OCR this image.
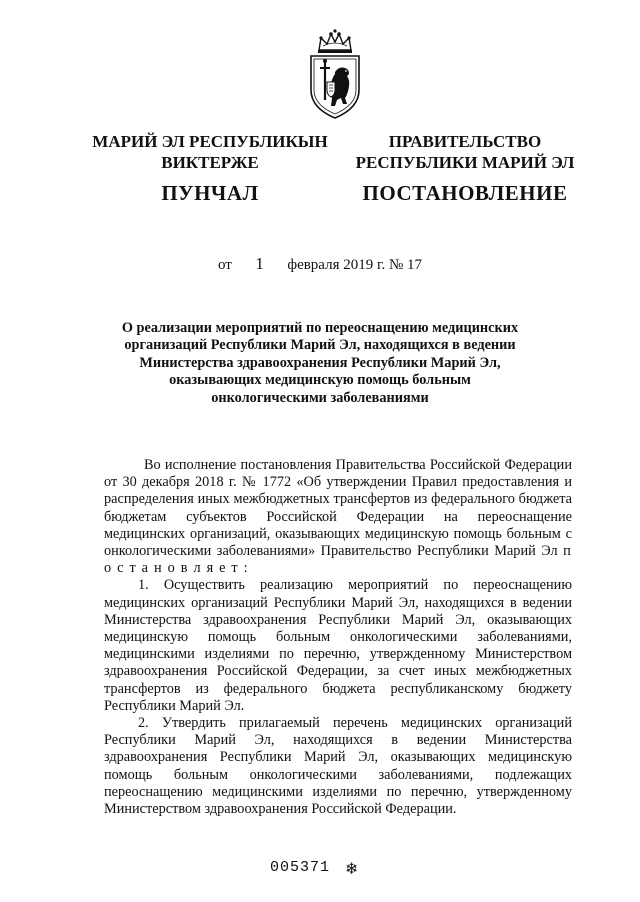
МАРИЙ ЭЛ РЕСПУБЛИКЫН
ВИКТЕРЖЕ
ПУНЧАЛ
ПРАВИТЕЛЬСТВО
РЕСПУБЛИКИ МАРИЙ ЭЛ
ПОСТАНОВЛЕНИЕ
от 1 февраля 2019 г. № 17
О реализации мероприятий по переоснащению медицинских
организаций Республики Марий Эл, находящихся в ведении
Министерства здравоохранения Республики Марий Эл,
оказывающих медицинскую помощь больным
онкологическими заболеваниями

Во исполнение постановления Правительства Российской Федерации от 30 декабря 2018 г. № 1772 «Об утверждении Правил предоставления и распределения иных межбюджетных трансфертов из федерального бюджета бюджетам субъектов Российской Федерации на переоснащение медицинских организаций, оказывающих медицинскую помощь больным с онкологическими заболеваниями» Правительство Республики Марий Эл п о с т а н о в л я е т :

1. Осуществить реализацию мероприятий по переоснащению медицинских организаций Республики Марий Эл, находящихся в ведении Министерства здравоохранения Республики Марий Эл, оказывающих медицинскую помощь больным онкологическими заболеваниями, медицинскими изделиями по перечню, утвержденному Министерством здравоохранения Российской Федерации, за счет иных межбюджетных трансфертов из федерального бюджета республиканскому бюджету Республики Марий Эл.

2. Утвердить прилагаемый перечень медицинских организаций Республики Марий Эл, находящихся в ведении Министерства здравоохранения Республики Марий Эл, оказывающих медицинскую помощь больным онкологическими заболеваниями, подлежащих переоснащению медицинскими изделиями по перечню, утвержденному Министерством здравоохранения Российской Федерации.

005371 ❄
